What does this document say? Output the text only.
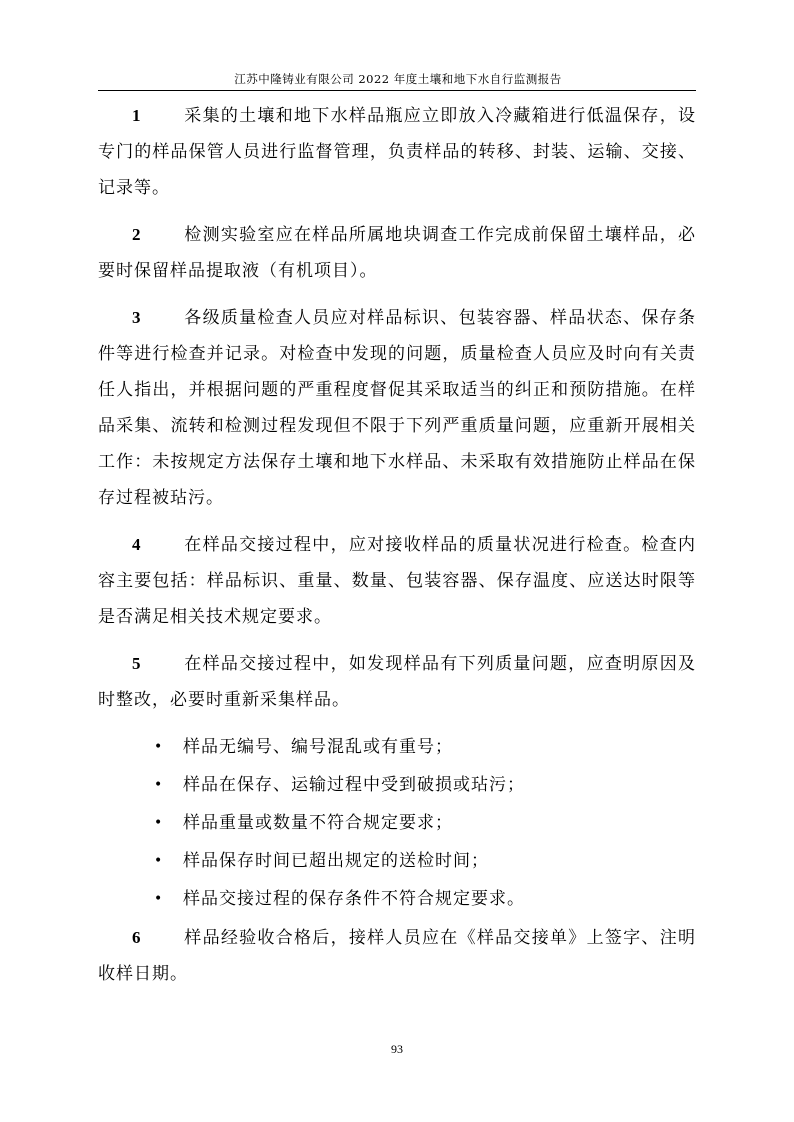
江苏中隆铸业有限公司 2022 年度土壤和地下水自行监测报告

1	采集的土壤和地下水样品瓶应立即放入冷藏箱进行低温保存，设专门的样品保管人员进行监督管理，负责样品的转移、封装、运输、交接、记录等。

2	检测实验室应在样品所属地块调查工作完成前保留土壤样品，必要时保留样品提取液（有机项目）。

3	各级质量检查人员应对样品标识、包装容器、样品状态、保存条件等进行检查并记录。对检查中发现的问题，质量检查人员应及时向有关责任人指出，并根据问题的严重程度督促其采取适当的纠正和预防措施。在样品采集、流转和检测过程发现但不限于下列严重质量问题，应重新开展相关工作：未按规定方法保存土壤和地下水样品、未采取有效措施防止样品在保存过程被玷污。

4	在样品交接过程中，应对接收样品的质量状况进行检查。检查内容主要包括：样品标识、重量、数量、包装容器、保存温度、应送达时限等是否满足相关技术规定要求。

5	在样品交接过程中，如发现样品有下列质量问题，应查明原因及时整改，必要时重新采集样品。

• 样品无编号、编号混乱或有重号；
• 样品在保存、运输过程中受到破损或玷污；
• 样品重量或数量不符合规定要求；
• 样品保存时间已超出规定的送检时间；
• 样品交接过程的保存条件不符合规定要求。

6	样品经验收合格后，接样人员应在《样品交接单》上签字、注明收样日期。

93
